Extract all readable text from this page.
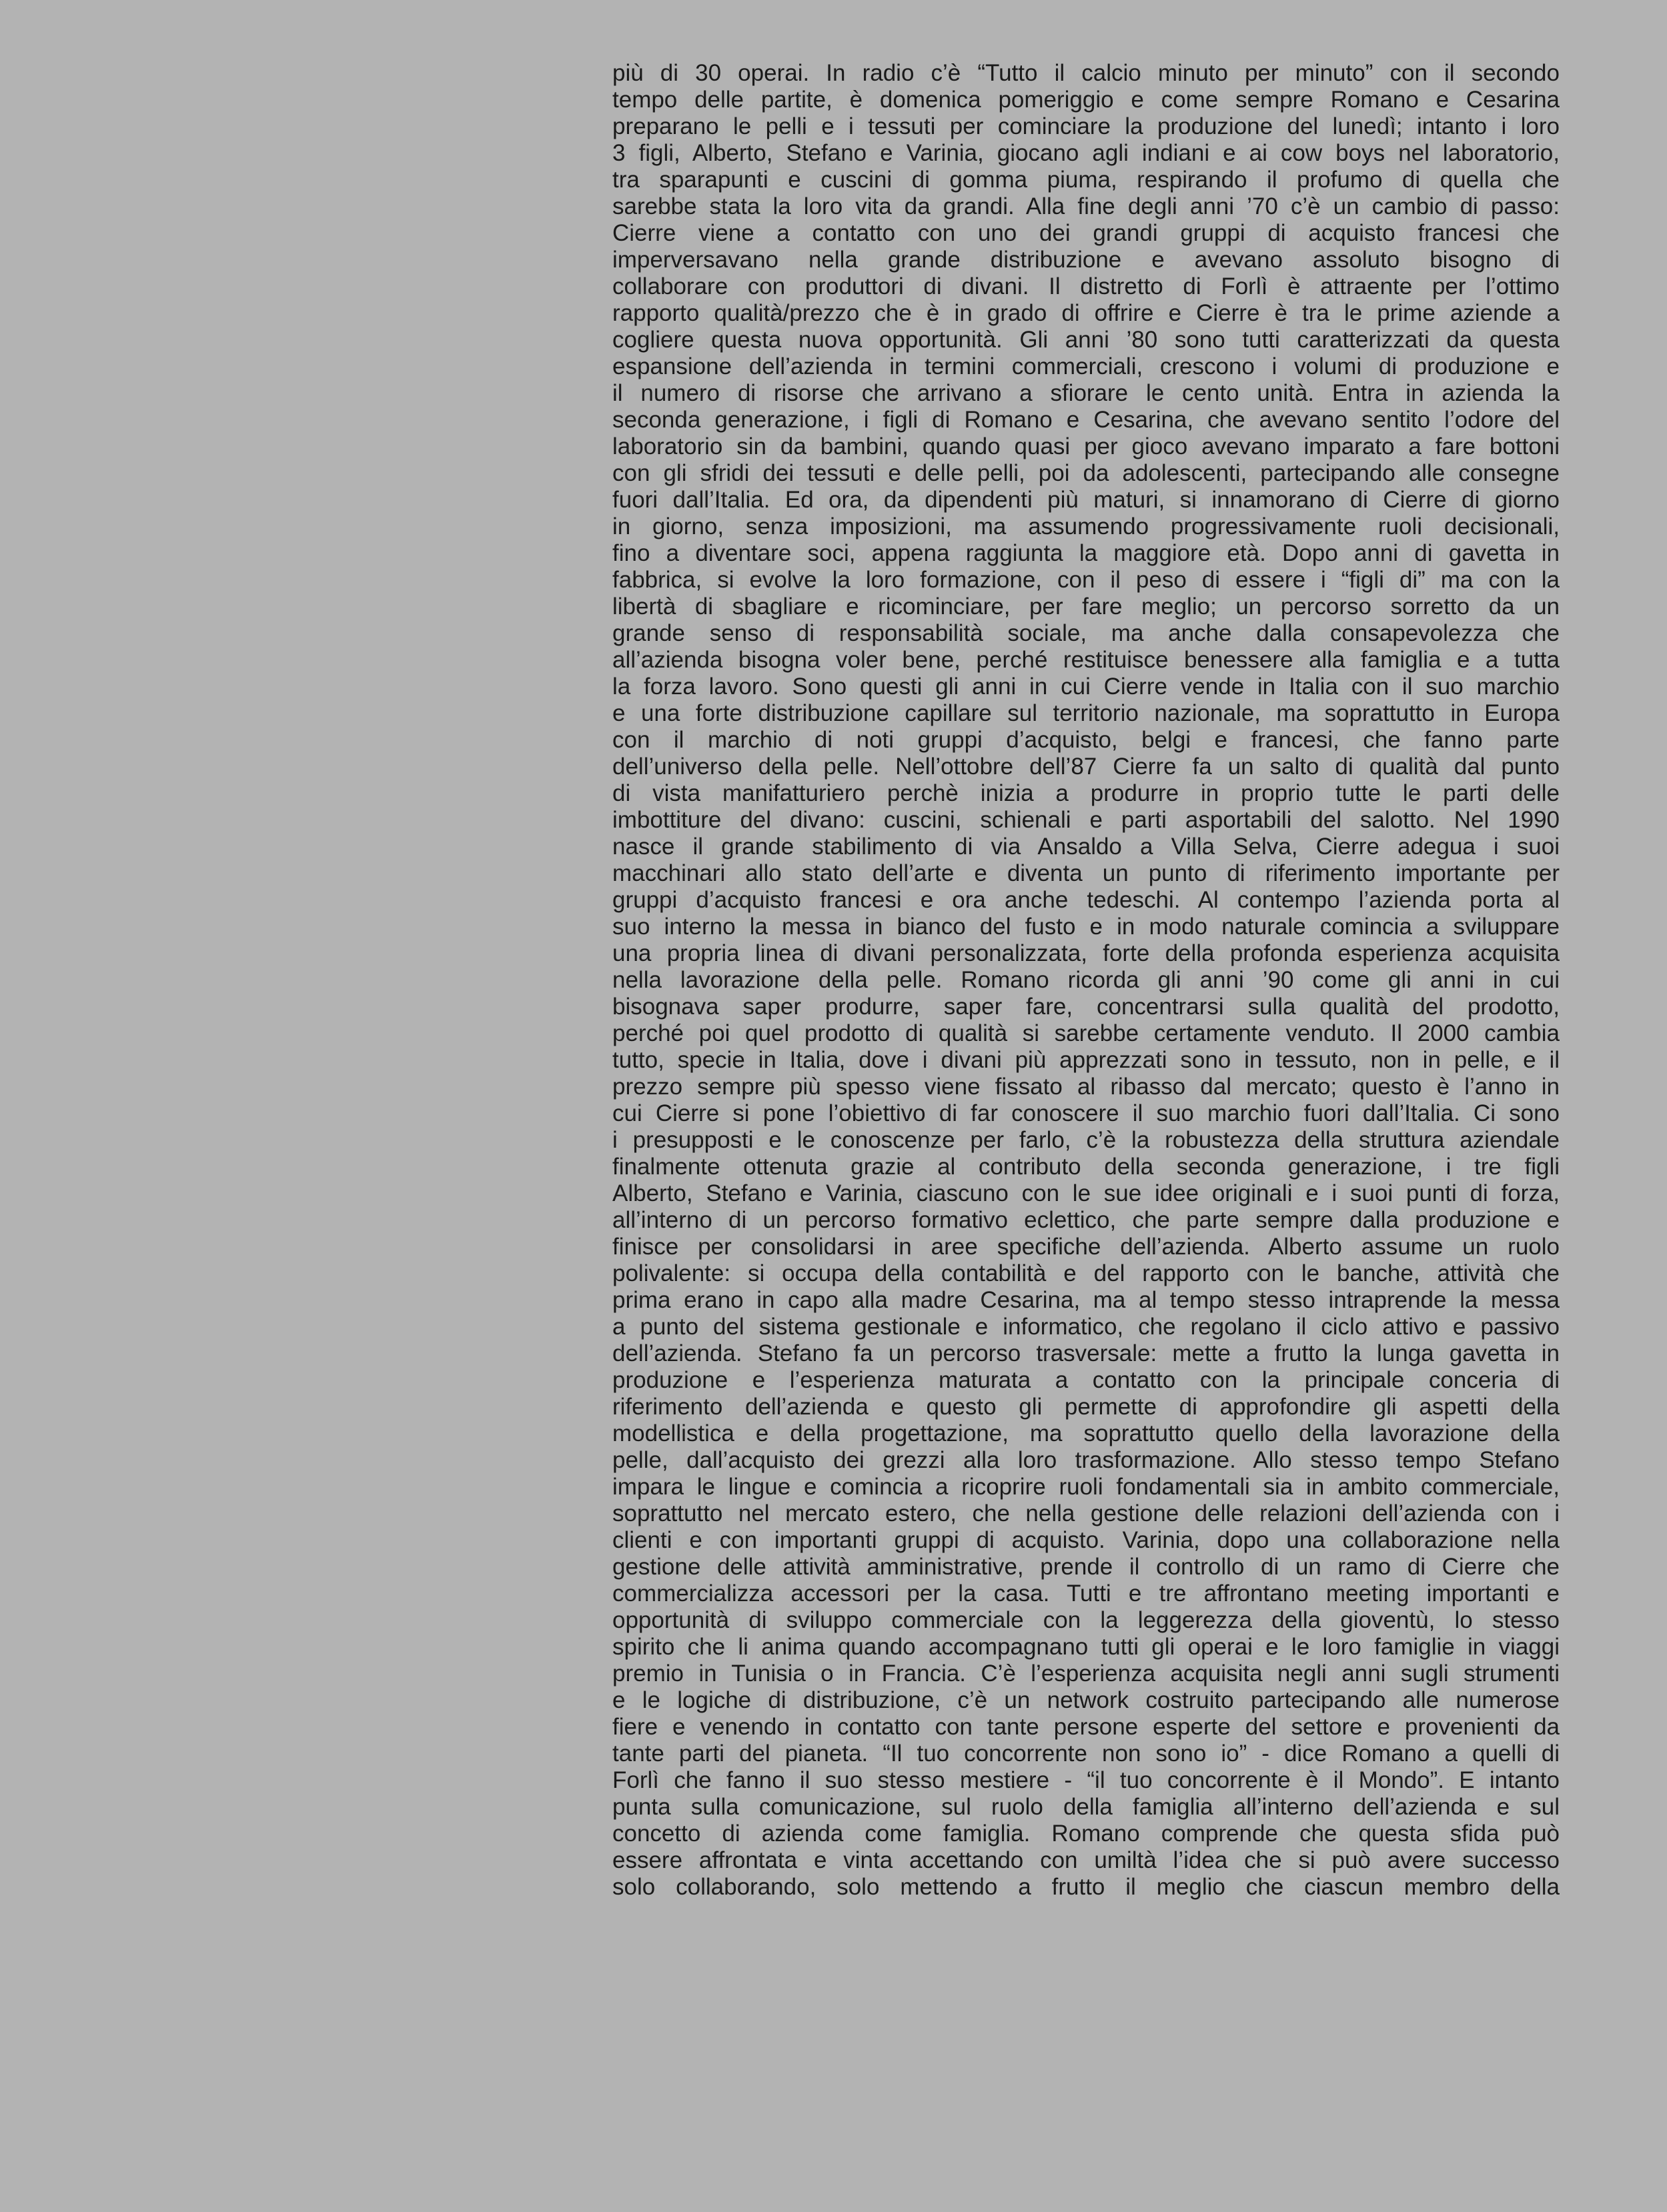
più di 30 operai. In radio c’è “Tutto il calcio minuto per minuto” con il secondo
tempo delle partite, è domenica pomeriggio e come sempre Romano e Cesarina
preparano le pelli e i tessuti per cominciare la produzione del lunedì; intanto i loro
3 figli, Alberto, Stefano e Varinia, giocano agli indiani e ai cow boys nel laboratorio,
tra sparapunti e cuscini di gomma piuma, respirando il profumo di quella che
sarebbe stata la loro vita da grandi. Alla fine degli anni ’70 c’è un cambio di passo:
Cierre viene a contatto con uno dei grandi gruppi di acquisto francesi che
imperversavano nella grande distribuzione e avevano assoluto bisogno di
collaborare con produttori di divani. Il distretto di Forlì è attraente per l’ottimo
rapporto qualità/prezzo che è in grado di offrire e Cierre è tra le prime aziende a
cogliere questa nuova opportunità. Gli anni ’80 sono tutti caratterizzati da questa
espansione dell’azienda in termini commerciali, crescono i volumi di produzione e
il numero di risorse che arrivano a sfiorare le cento unità. Entra in azienda la
seconda generazione, i figli di Romano e Cesarina, che avevano sentito l’odore del
laboratorio sin da bambini, quando quasi per gioco avevano imparato a fare bottoni
con gli sfridi dei tessuti e delle pelli, poi da adolescenti, partecipando alle consegne
fuori dall’Italia. Ed ora, da dipendenti più maturi, si innamorano di Cierre di giorno
in giorno, senza imposizioni, ma assumendo progressivamente ruoli decisionali,
fino a diventare soci, appena raggiunta la maggiore età. Dopo anni di gavetta in
fabbrica, si evolve la loro formazione, con il peso di essere i “figli di” ma con la
libertà di sbagliare e ricominciare, per fare meglio; un percorso sorretto da un
grande senso di responsabilità sociale, ma anche dalla consapevolezza che
all’azienda bisogna voler bene, perché restituisce benessere alla famiglia e a tutta
la forza lavoro. Sono questi gli anni in cui Cierre vende in Italia con il suo marchio
e una forte distribuzione capillare sul territorio nazionale, ma soprattutto in Europa
con il marchio di noti gruppi d’acquisto, belgi e francesi, che fanno parte
dell’universo della pelle. Nell’ottobre dell’87 Cierre fa un salto di qualità dal punto
di vista manifatturiero perchè inizia a produrre in proprio tutte le parti delle
imbottiture del divano: cuscini, schienali e parti asportabili del salotto. Nel 1990
nasce il grande stabilimento di via Ansaldo a Villa Selva, Cierre adegua i suoi
macchinari allo stato dell’arte e diventa un punto di riferimento importante per
gruppi d’acquisto francesi e ora anche tedeschi. Al contempo l’azienda porta al
suo interno la messa in bianco del fusto e in modo naturale comincia a sviluppare
una propria linea di divani personalizzata, forte della profonda esperienza acquisita
nella lavorazione della pelle. Romano ricorda gli anni ’90 come gli anni in cui
bisognava saper produrre, saper fare, concentrarsi sulla qualità del prodotto,
perché poi quel prodotto di qualità si sarebbe certamente venduto. Il 2000 cambia
tutto, specie in Italia, dove i divani più apprezzati sono in tessuto, non in pelle, e il
prezzo sempre più spesso viene fissato al ribasso dal mercato; questo è l’anno in
cui Cierre si pone l’obiettivo di far conoscere il suo marchio fuori dall’Italia. Ci sono
i presupposti e le conoscenze per farlo, c’è la robustezza della struttura aziendale
finalmente ottenuta grazie al contributo della seconda generazione, i tre figli
Alberto, Stefano e Varinia, ciascuno con le sue idee originali e i suoi punti di forza,
all’interno di un percorso formativo eclettico, che parte sempre dalla produzione e
finisce per consolidarsi in aree specifiche dell’azienda. Alberto assume un ruolo
polivalente: si occupa della contabilità e del rapporto con le banche, attività che
prima erano in capo alla madre Cesarina, ma al tempo stesso intraprende la messa
a punto del sistema gestionale e informatico, che regolano il ciclo attivo e passivo
dell’azienda. Stefano fa un percorso trasversale: mette a frutto la lunga gavetta in
produzione e l’esperienza maturata a contatto con la principale conceria di
riferimento dell’azienda e questo gli permette di approfondire gli aspetti della
modellistica e della progettazione, ma soprattutto quello della lavorazione della
pelle, dall’acquisto dei grezzi alla loro trasformazione. Allo stesso tempo Stefano
impara le lingue e comincia a ricoprire ruoli fondamentali sia in ambito commerciale,
soprattutto nel mercato estero, che nella gestione delle relazioni dell’azienda con i
clienti e con importanti gruppi di acquisto. Varinia, dopo una collaborazione nella
gestione delle attività amministrative, prende il controllo di un ramo di Cierre che
commercializza accessori per la casa. Tutti e tre affrontano meeting importanti e
opportunità di sviluppo commerciale con la leggerezza della gioventù, lo stesso
spirito che li anima quando accompagnano tutti gli operai e le loro famiglie in viaggi
premio in Tunisia o in Francia. C’è l’esperienza acquisita negli anni sugli strumenti
e le logiche di distribuzione, c’è un network costruito partecipando alle numerose
fiere e venendo in contatto con tante persone esperte del settore e provenienti da
tante parti del pianeta. “Il tuo concorrente non sono io” - dice Romano a quelli di
Forlì che fanno il suo stesso mestiere - “il tuo concorrente è il Mondo”. E intanto
punta sulla comunicazione, sul ruolo della famiglia all’interno dell’azienda e sul
concetto di azienda come famiglia. Romano comprende che questa sfida può
essere affrontata e vinta accettando con umiltà l’idea che si può avere successo
solo collaborando, solo mettendo a frutto il meglio che ciascun membro della
